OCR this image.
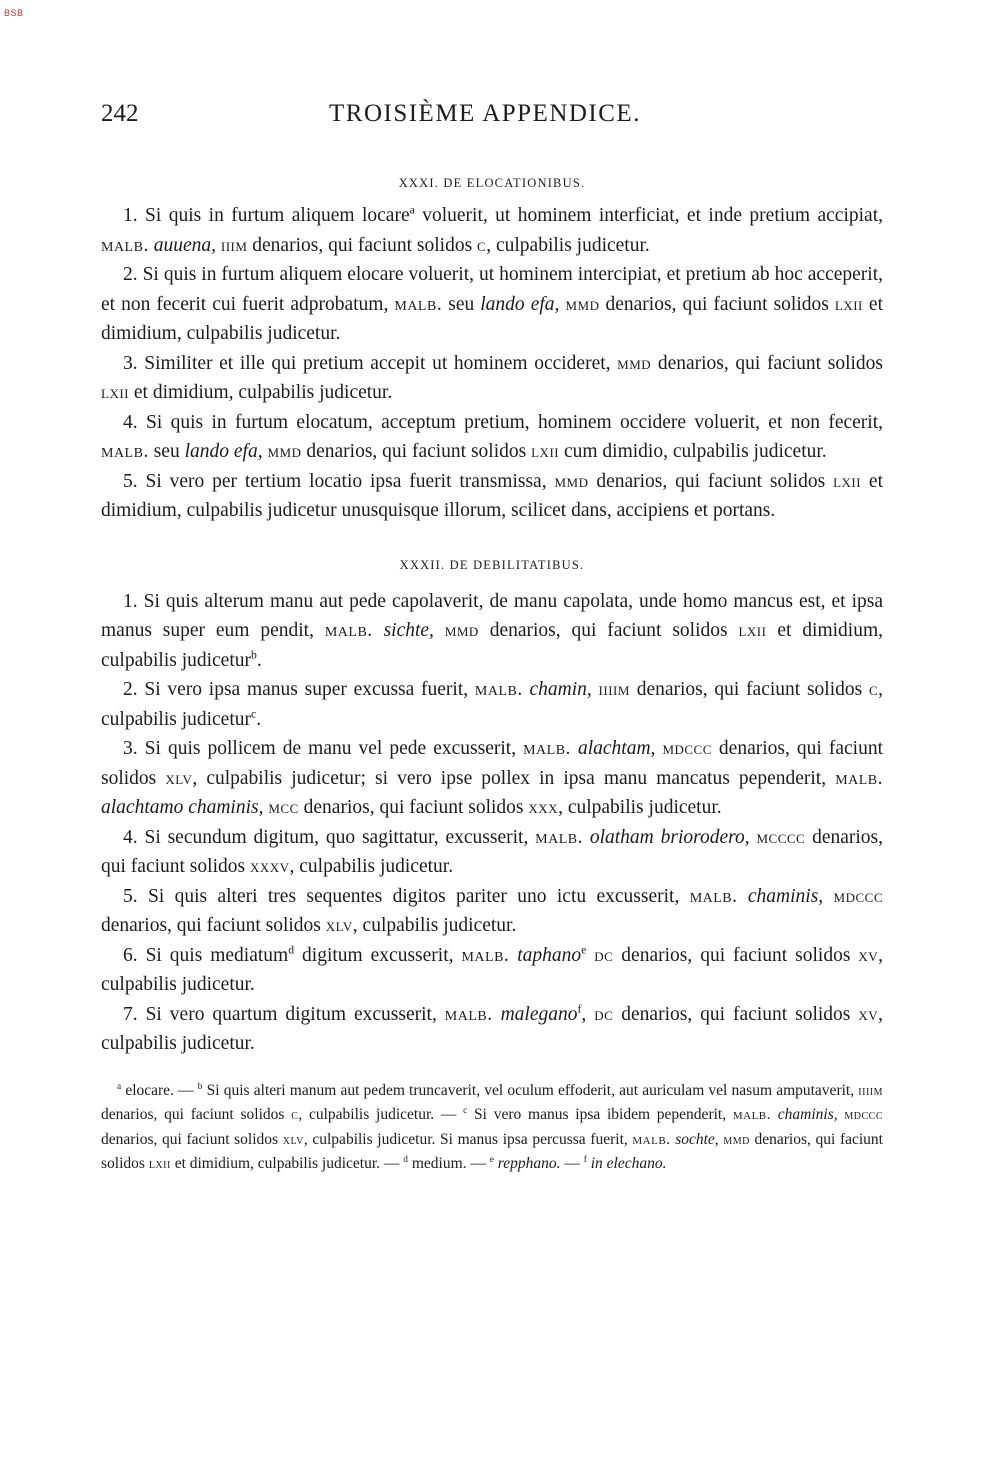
BSB
242	TROISIÈME APPENDICE.
XXXI. DE ELOCATIONIBUS.

1. Si quis in furtum aliquem locare$^a$ voluerit, ut hominem interficiat, et inde pretium accipiat, malb. auuena, iiim denarios, qui faciunt solidos c, culpabilis judicetur.

2. Si quis in furtum aliquem elocare voluerit, ut hominem intercipiat, et pretium ab hoc acceperit, et non fecerit cui fuerit adprobatum, malb. seu lando efa, mmd denarios, qui faciunt solidos lxii et dimidium, culpabilis judicetur.

3. Similiter et ille qui pretium accepit ut hominem occideret, mmd denarios, qui faciunt solidos lxii et dimidium, culpabilis judicetur.

4. Si quis in furtum elocatum, acceptum pretium, hominem occidere voluerit, et non fecerit, malb. seu lando efa, mmd denarios, qui faciunt solidos lxii cum dimidio, culpabilis judicetur.

5. Si vero per tertium locatio ipsa fuerit transmissa, mmd denarios, qui faciunt solidos lxii et dimidium, culpabilis judicetur unusquisque illorum, scilicet dans, accipiens et portans.

XXXII. DE DEBILITATIBUS.

1. Si quis alterum manu aut pede capolaverit, de manu capolata, unde homo mancus est, et ipsa manus super eum pendit, malb. sichte, mmd denarios, qui faciunt solidos lxii et dimidium, culpabilis judicetur$^b$.

2. Si vero ipsa manus super excussa fuerit, malb. chamin, iiiim denarios, qui faciunt solidos c, culpabilis judicetur$^c$.

3. Si quis pollicem de manu vel pede excusserit, malb. alachtam, mdccc denarios, qui faciunt solidos xlv, culpabilis judicetur; si vero ipse pollex in ipsa manu mancatus pependerit, malb. alachtamo chaminis, mcc denarios, qui faciunt solidos xxx, culpabilis judicetur.

4. Si secundum digitum, quo sagittatur, excusserit, malb. olatham briorodero, mcccc denarios, qui faciunt solidos xxxv, culpabilis judicetur.

5. Si quis alteri tres sequentes digitos pariter uno ictu excusserit, malb. chaminis, mdccc denarios, qui faciunt solidos xlv, culpabilis judicetur.

6. Si quis mediatum$^d$ digitum excusserit, malb. taphano$^e$ dc denarios, qui faciunt solidos xv, culpabilis judicetur.

7. Si vero quartum digitum excusserit, malb. malegano$^f$, dc denarios, qui faciunt solidos xv, culpabilis judicetur.

$^a$ elocare. — $^b$ Si quis alteri manum aut pedem truncaverit, vel oculum effoderit, aut auriculam vel nasum amputaverit, iiiim denarios, qui faciunt solidos c, culpabilis judicetur. — $^c$ Si vero manus ipsa ibidem pependerit, malb. chaminis, mdccc denarios, qui faciunt solidos xlv, culpabilis judicetur. Si manus ipsa percussa fuerit, malb. sochte, mmd denarios, qui faciunt solidos lxii et dimidium, culpabilis judicetur. — $^d$ medium. — $^e$ repphano. — $^f$ in elechano.
